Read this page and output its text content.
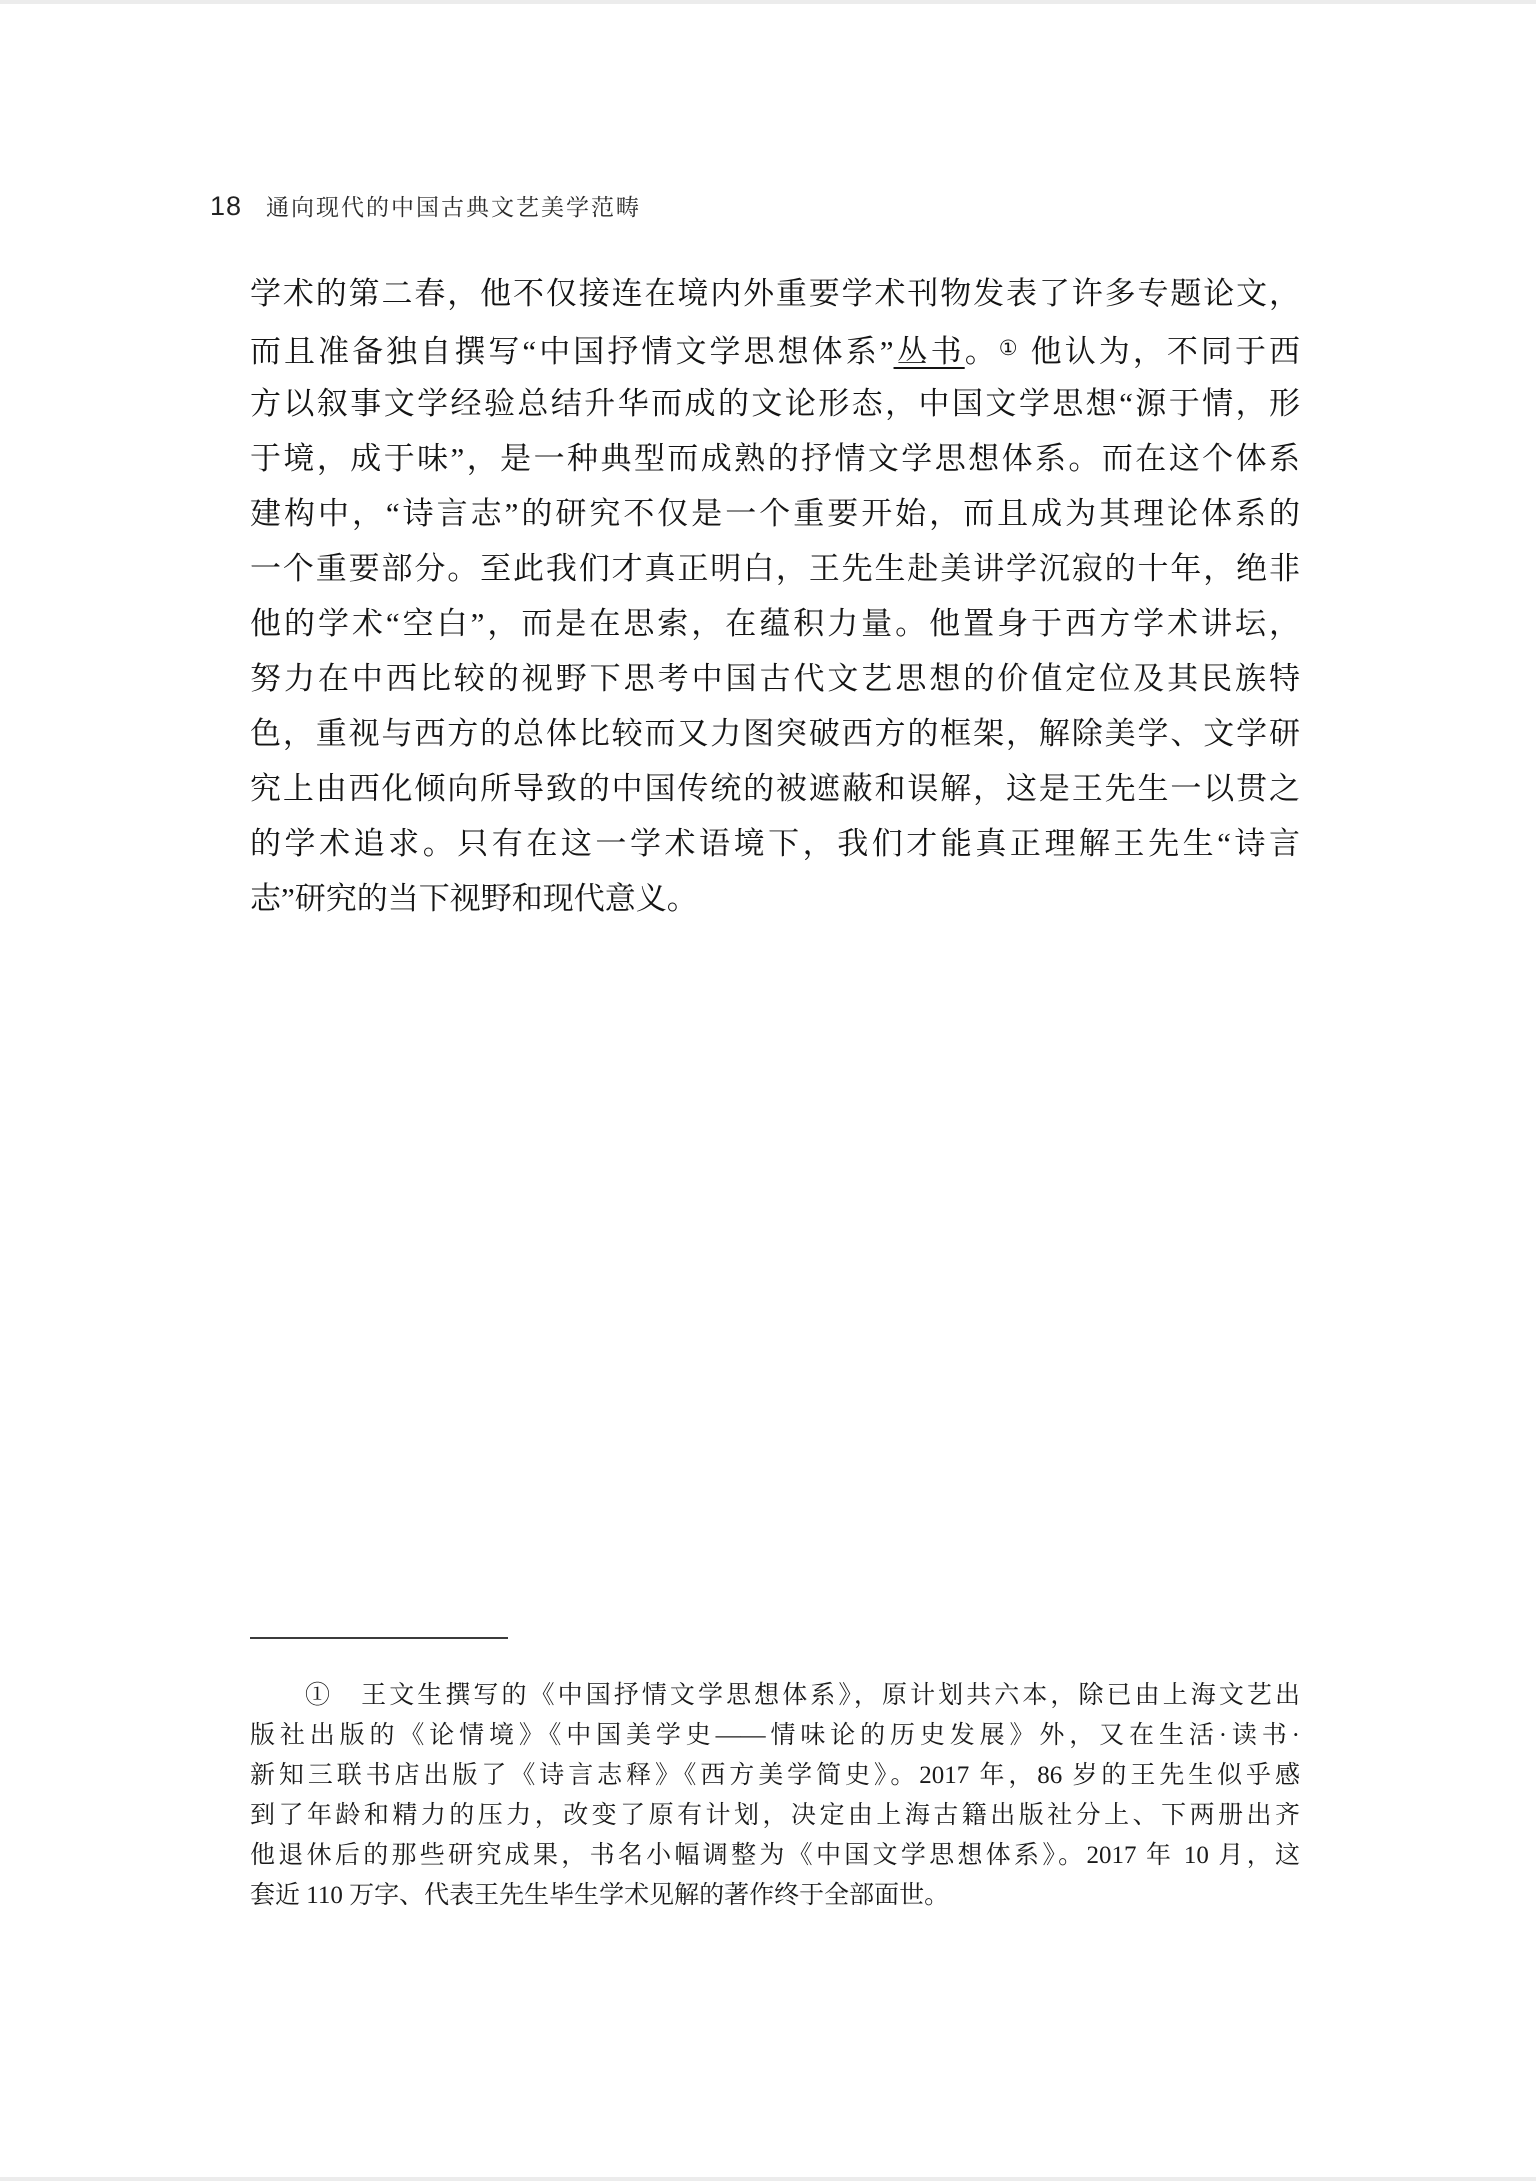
18 通向现代的中国古典文艺美学范畴
学术的第二春，他不仅接连在境内外重要学术刊物发表了许多专题论文，
而且准备独自撰写“中国抒情文学思想体系”丛书。① 他认为，不同于西
方以叙事文学经验总结升华而成的文论形态，中国文学思想“源于情，形
于境，成于味”，是一种典型而成熟的抒情文学思想体系。而在这个体系
建构中，“诗言志”的研究不仅是一个重要开始，而且成为其理论体系的
一个重要部分。至此我们才真正明白，王先生赴美讲学沉寂的十年，绝非
他的学术“空白”，而是在思索，在蕴积力量。他置身于西方学术讲坛，
努力在中西比较的视野下思考中国古代文艺思想的价值定位及其民族特
色，重视与西方的总体比较而又力图突破西方的框架，解除美学、文学研
究上由西化倾向所导致的中国传统的被遮蔽和误解，这是王先生一以贯之
的学术追求。只有在这一学术语境下，我们才能真正理解王先生“诗言
志”研究的当下视野和现代意义。
①　王文生撰写的《中国抒情文学思想体系》，原计划共六本，除已由上海文艺出
版社出版的《论情境》《中国美学史——情味论的历史发展》外，又在生活·读书·
新知三联书店出版了《诗言志释》《西方美学简史》。2017 年，86 岁的王先生似乎感
到了年龄和精力的压力，改变了原有计划，决定由上海古籍出版社分上、下两册出齐
他退休后的那些研究成果，书名小幅调整为《中国文学思想体系》。2017 年 10 月，这
套近 110 万字、代表王先生毕生学术见解的著作终于全部面世。
